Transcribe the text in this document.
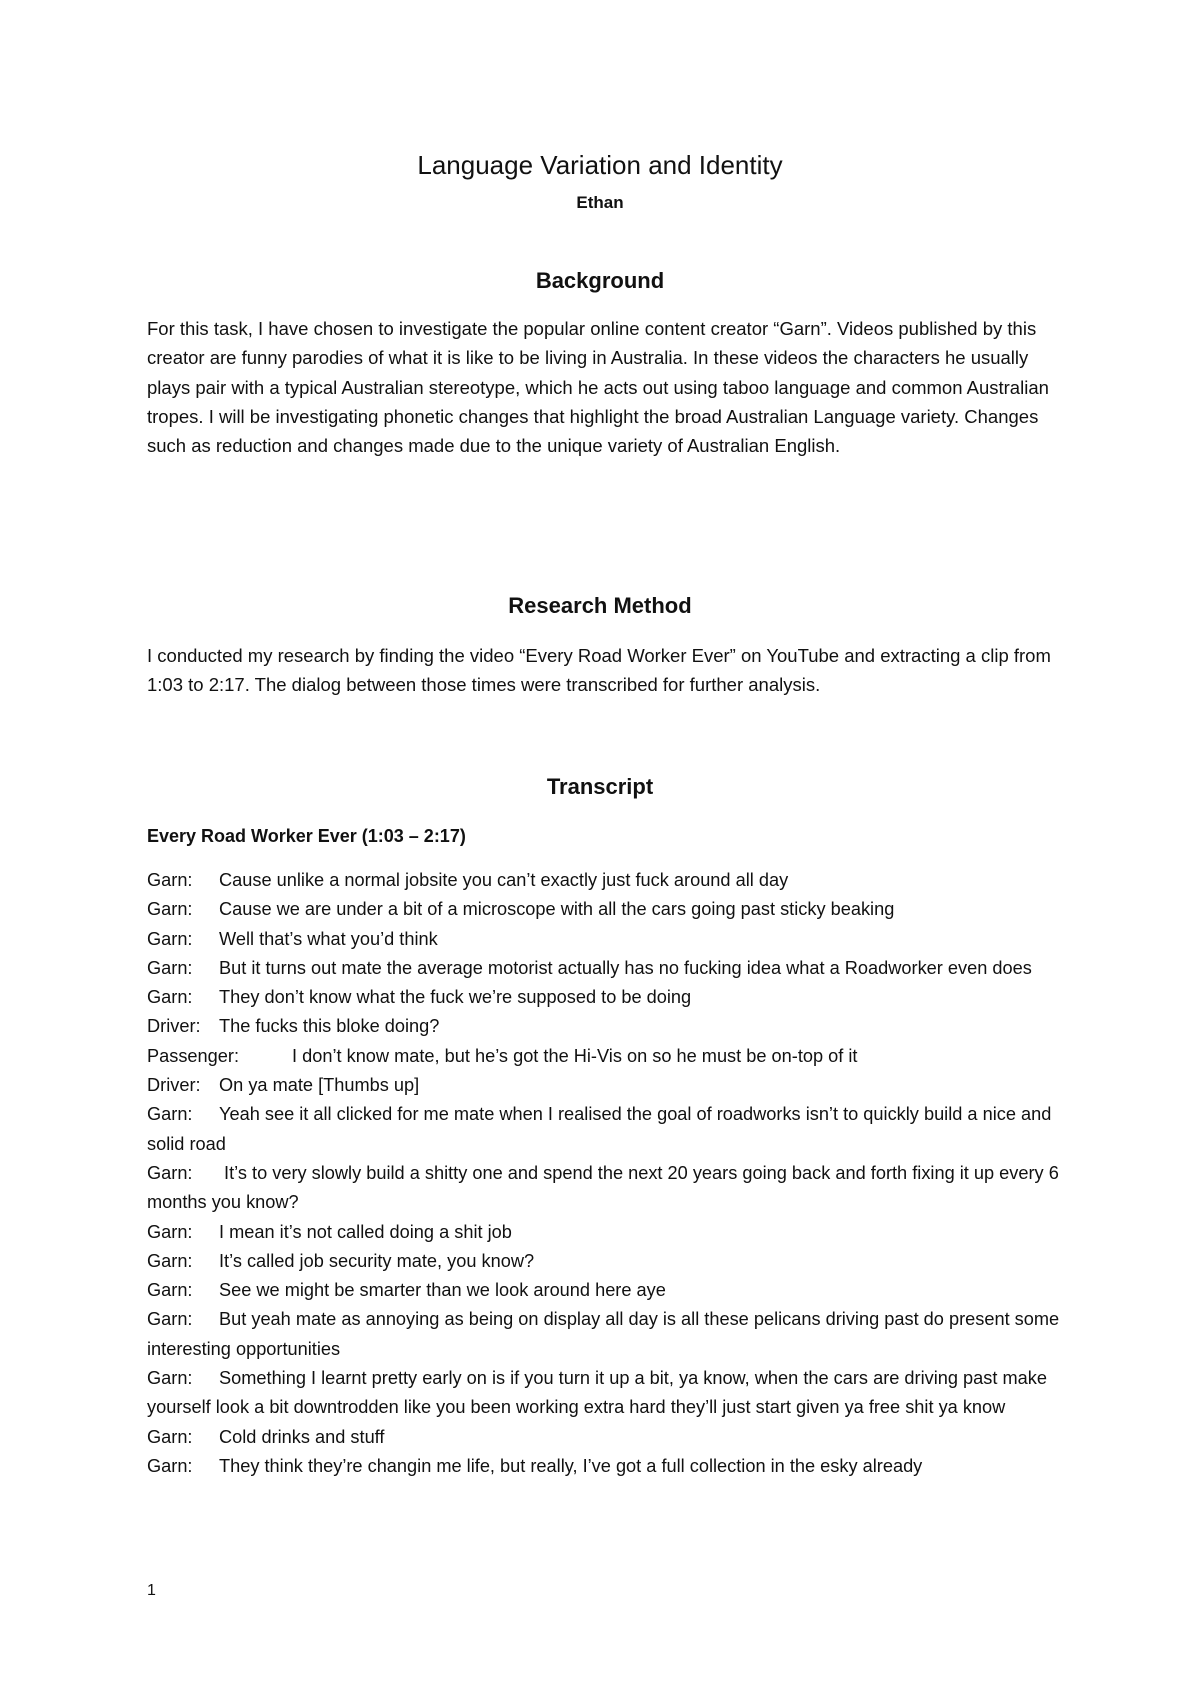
Language Variation and Identity
Ethan
Background

For this task, I have chosen to investigate the popular online content creator “Garn”. Videos published by this creator are funny parodies of what it is like to be living in Australia. In these videos the characters he usually plays pair with a typical Australian stereotype, which he acts out using taboo language and common Australian tropes. I will be investigating phonetic changes that highlight the broad Australian Language variety. Changes such as reduction and changes made due to the unique variety of Australian English.

Research Method

I conducted my research by finding the video “Every Road Worker Ever” on YouTube and extracting a clip from 1:03 to 2:17. The dialog between those times were transcribed for further analysis.

Transcript
Every Road Worker Ever (1:03 – 2:17)

Garn: Cause unlike a normal jobsite you can’t exactly just fuck around all day

Garn: Cause we are under a bit of a microscope with all the cars going past sticky beaking

Garn: Well that’s what you’d think

Garn: But it turns out mate the average motorist actually has no fucking idea what a Roadworker even does

Garn: They don’t know what the fuck we’re supposed to be doing

Driver: The fucks this bloke doing?

Passenger:	I don’t know mate, but he’s got the Hi-Vis on so he must be on-top of it

Driver: On ya mate [Thumbs up]

Garn: Yeah see it all clicked for me mate when I realised the goal of roadworks isn’t to quickly build a nice and solid road

Garn: It’s to very slowly build a shitty one and spend the next 20 years going back and forth fixing it up every 6 months you know?

Garn: I mean it’s not called doing a shit job

Garn: It’s called job security mate, you know?

Garn: See we might be smarter than we look around here aye

Garn: But yeah mate as annoying as being on display all day is all these pelicans driving past do present some interesting opportunities

Garn: Something I learnt pretty early on is if you turn it up a bit, ya know, when the cars are driving past make yourself look a bit downtrodden like you been working extra hard they’ll just start given ya free shit ya know

Garn: Cold drinks and stuff

Garn: They think they’re changin me life, but really, I’ve got a full collection in the esky already

1
